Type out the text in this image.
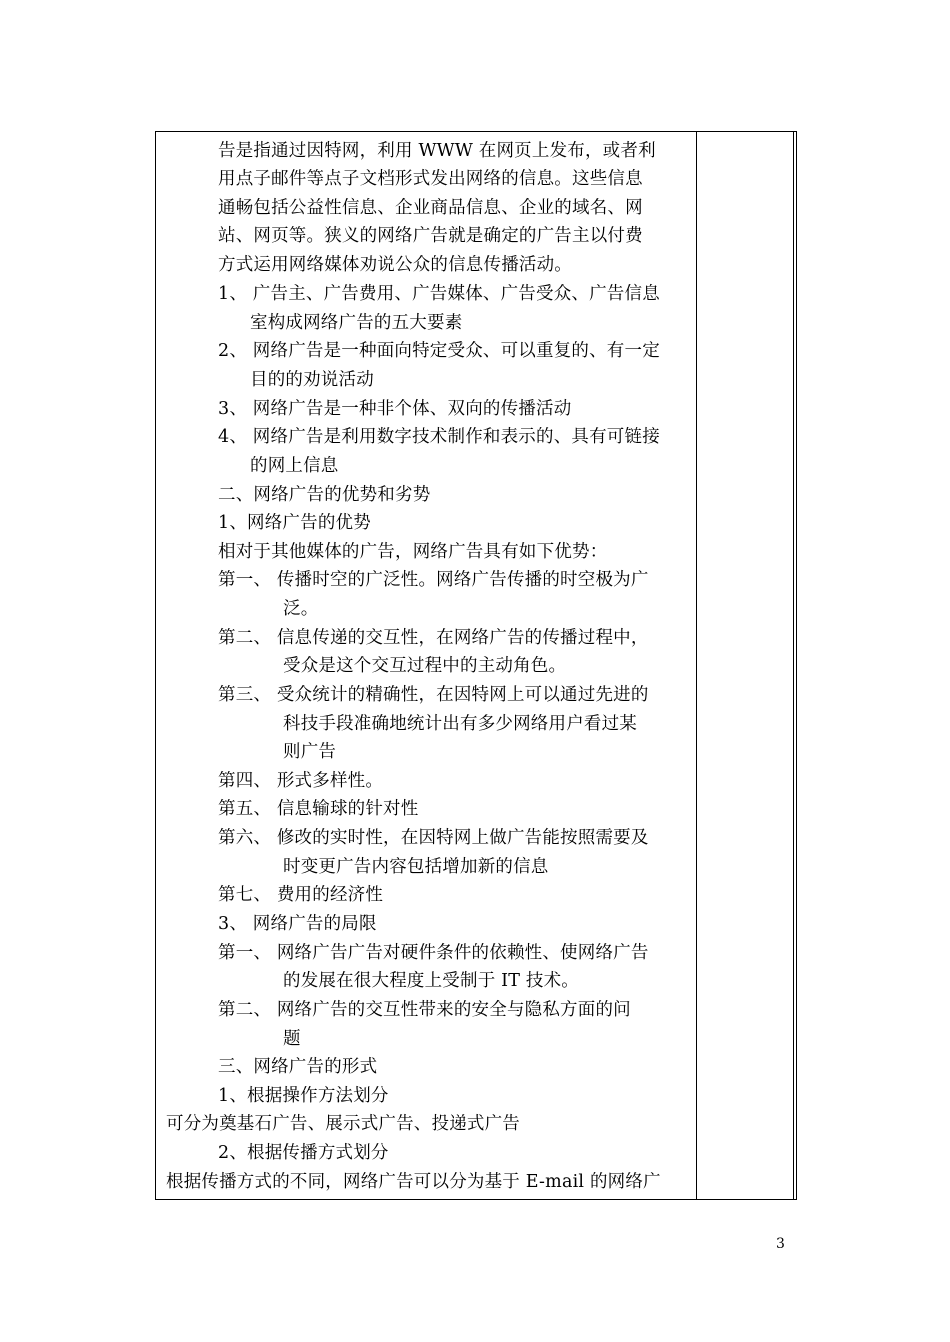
告是指通过因特网，利用 WWW 在网页上发布，或者利
用点子邮件等点子文档形式发出网络的信息。这些信息
通畅包括公益性信息、企业商品信息、企业的域名、网
站、网页等。狭义的网络广告就是确定的广告主以付费
方式运用网络媒体劝说公众的信息传播活动。
1、 广告主、广告费用、广告媒体、广告受众、广告信息
室构成网络广告的五大要素
2、 网络广告是一种面向特定受众、可以重复的、有一定
目的的劝说活动
3、 网络广告是一种非个体、双向的传播活动
4、 网络广告是利用数字技术制作和表示的、具有可链接
的网上信息
二、网络广告的优势和劣势
1、网络广告的优势
相对于其他媒体的广告，网络广告具有如下优势：
第一、 传播时空的广泛性。网络广告传播的时空极为广
泛。
第二、 信息传递的交互性，在网络广告的传播过程中，
受众是这个交互过程中的主动角色。
第三、 受众统计的精确性，在因特网上可以通过先进的
科技手段准确地统计出有多少网络用户看过某
则广告
第四、 形式多样性。
第五、 信息输球的针对性
第六、 修改的实时性，在因特网上做广告能按照需要及
时变更广告内容包括增加新的信息
第七、 费用的经济性
3、 网络广告的局限
第一、 网络广告广告对硬件条件的依赖性、使网络广告
的发展在很大程度上受制于 IT 技术。
第二、 网络广告的交互性带来的安全与隐私方面的问
题
三、网络广告的形式
1、根据操作方法划分
可分为奠基石广告、展示式广告、投递式广告
2、根据传播方式划分
根据传播方式的不同，网络广告可以分为基于 E-mail 的网络广
3
